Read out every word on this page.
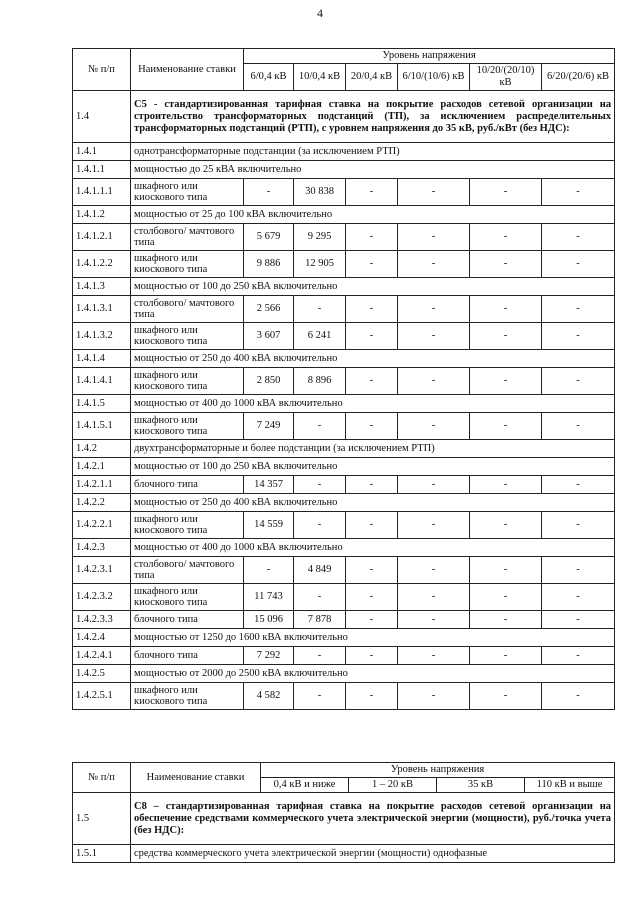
4
№ п/п	Наименование ставки	Уровень напряжения					
		6/0,4 кВ	10/0,4 кВ	20/0,4 кВ	6/10/(10/6) кВ	10/20/(20/10) кВ	6/20/(20/6) кВ
1.4	С5 - стандартизированная тарифная ставка на покрытие расходов сетевой организации на строительство трансформаторных подстанций (ТП), за исключением распределительных трансформаторных подстанций (РТП), с уровнем напряжения до 35 кВ, руб./кВт (без НДС):						
1.4.1	однотрансформаторные подстанции (за исключением РТП)						
1.4.1.1	мощностью до 25 кВА включительно						
1.4.1.1.1	шкафного или киоскового типа	-	30 838	-	-	-	-
1.4.1.2	мощностью от 25 до 100 кВА включительно						
1.4.1.2.1	столбового/ мачтового типа	5 679	9 295	-	-	-	-
1.4.1.2.2	шкафного или киоскового типа	9 886	12 905	-	-	-	-
1.4.1.3	мощностью от 100 до 250 кВА включительно						
1.4.1.3.1	столбового/ мачтового типа	2 566	-	-	-	-	-
1.4.1.3.2	шкафного или киоскового типа	3 607	6 241	-	-	-	-
1.4.1.4	мощностью от 250 до 400 кВА включительно						
1.4.1.4.1	шкафного или киоскового типа	2 850	8 896	-	-	-	-
1.4.1.5	мощностью от 400 до 1000 кВА включительно						
1.4.1.5.1	шкафного или киоскового типа	7 249	-	-	-	-	-
1.4.2	двухтрансформаторные и более подстанции (за исключением РТП)						
1.4.2.1	мощностью от 100 до 250 кВА включительно						
1.4.2.1.1	блочного типа	14 357	-	-	-	-	-
1.4.2.2	мощностью от 250 до 400 кВА включительно						
1.4.2.2.1	шкафного или киоскового типа	14 559	-	-	-	-	-
1.4.2.3	мощностью от 400 до 1000 кВА включительно						
1.4.2.3.1	столбового/ мачтового типа	-	4 849	-	-	-	-
1.4.2.3.2	шкафного или киоскового типа	11 743	-	-	-	-	-
1.4.2.3.3	блочного типа	15 096	7 878	-	-	-	-
1.4.2.4	мощностью от 1250 до 1600 кВА включительно						
1.4.2.4.1	блочного типа	7 292	-	-	-	-	-
1.4.2.5	мощностью от 2000 до 2500 кВА включительно						
1.4.2.5.1	шкафного или киоскового типа	4 582	-	-	-	-	-
№ п/п	Наименование ставки	Уровень напряжения			
		0,4 кВ и ниже	1 – 20 кВ	35 кВ	110 кВ и выше
1.5	С8 – стандартизированная тарифная ставка на покрытие расходов сетевой организации на обеспечение средствами коммерческого учета электрической энергии (мощности), руб./точка учета (без НДС):				
1.5.1	средства коммерческого учета электрической энергии (мощности) однофазные				
